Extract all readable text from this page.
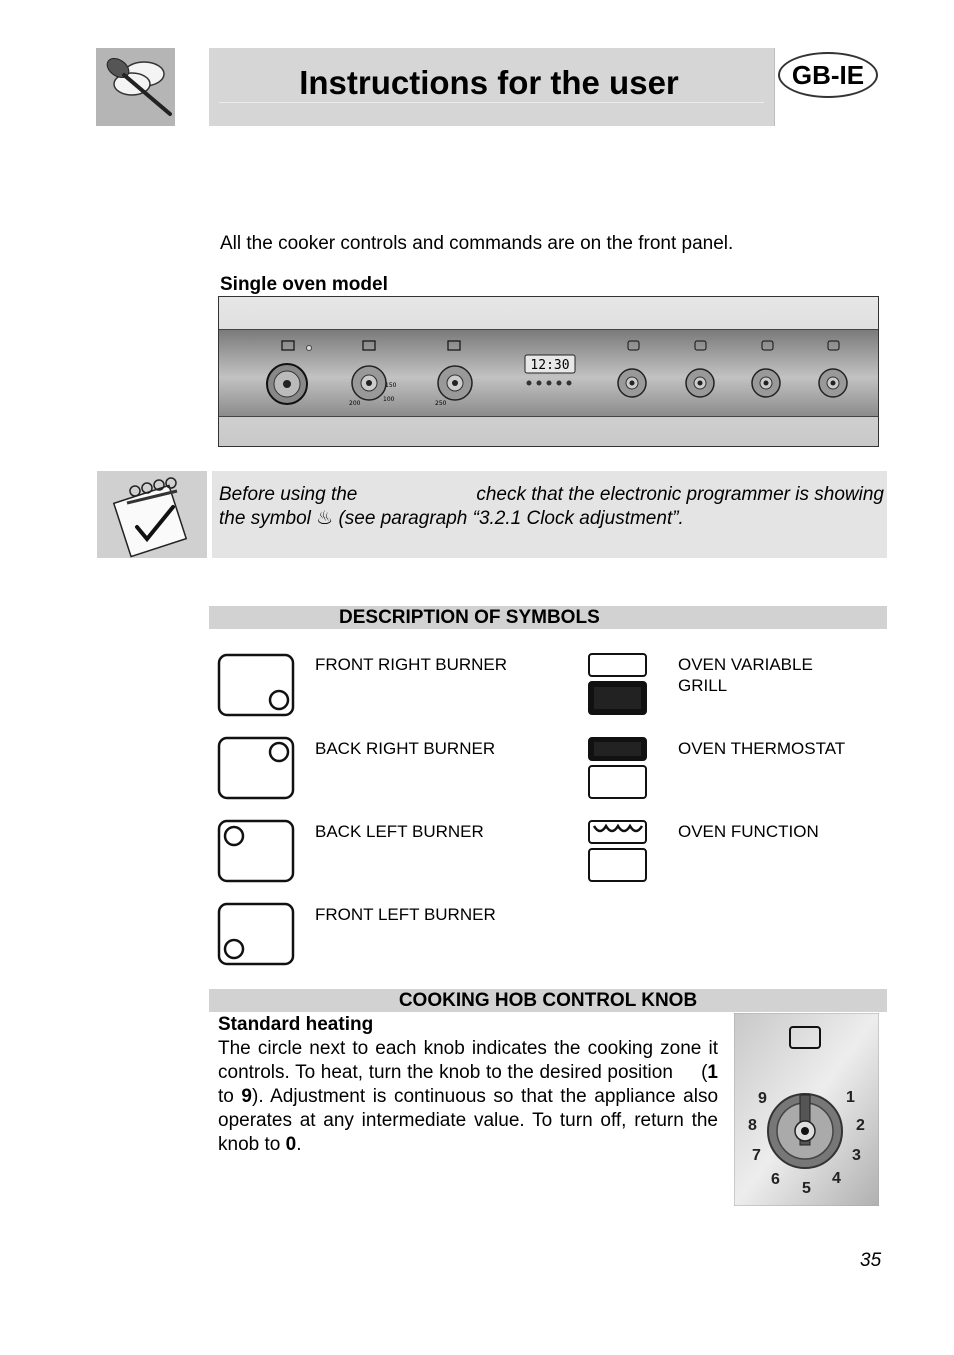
Instructions for the user	GB-IE
All the cooker controls and commands are on the front panel.
Single oven model
200
150
100
250
12:30
Before using the	check that the electronic programmer is showing
the symbol ♨ (see paragraph “3.2.1 Clock adjustment”.
DESCRIPTION OF SYMBOLS
FRONT RIGHT BURNER
BACK RIGHT BURNER
BACK LEFT BURNER
FRONT LEFT BURNER
OVEN VARIABLE GRILL
OVEN THERMOSTAT
OVEN FUNCTION
COOKING HOB CONTROL KNOB
Standard heating
The circle next to each knob indicates the cooking zone it controls. To heat, turn the knob to the desired position     (1 to 9). Adjustment is continuous so that the appliance also operates at any intermediate value. To turn off, return the knob to 0.
1
2
3
4
5
6
7
8
9
35
